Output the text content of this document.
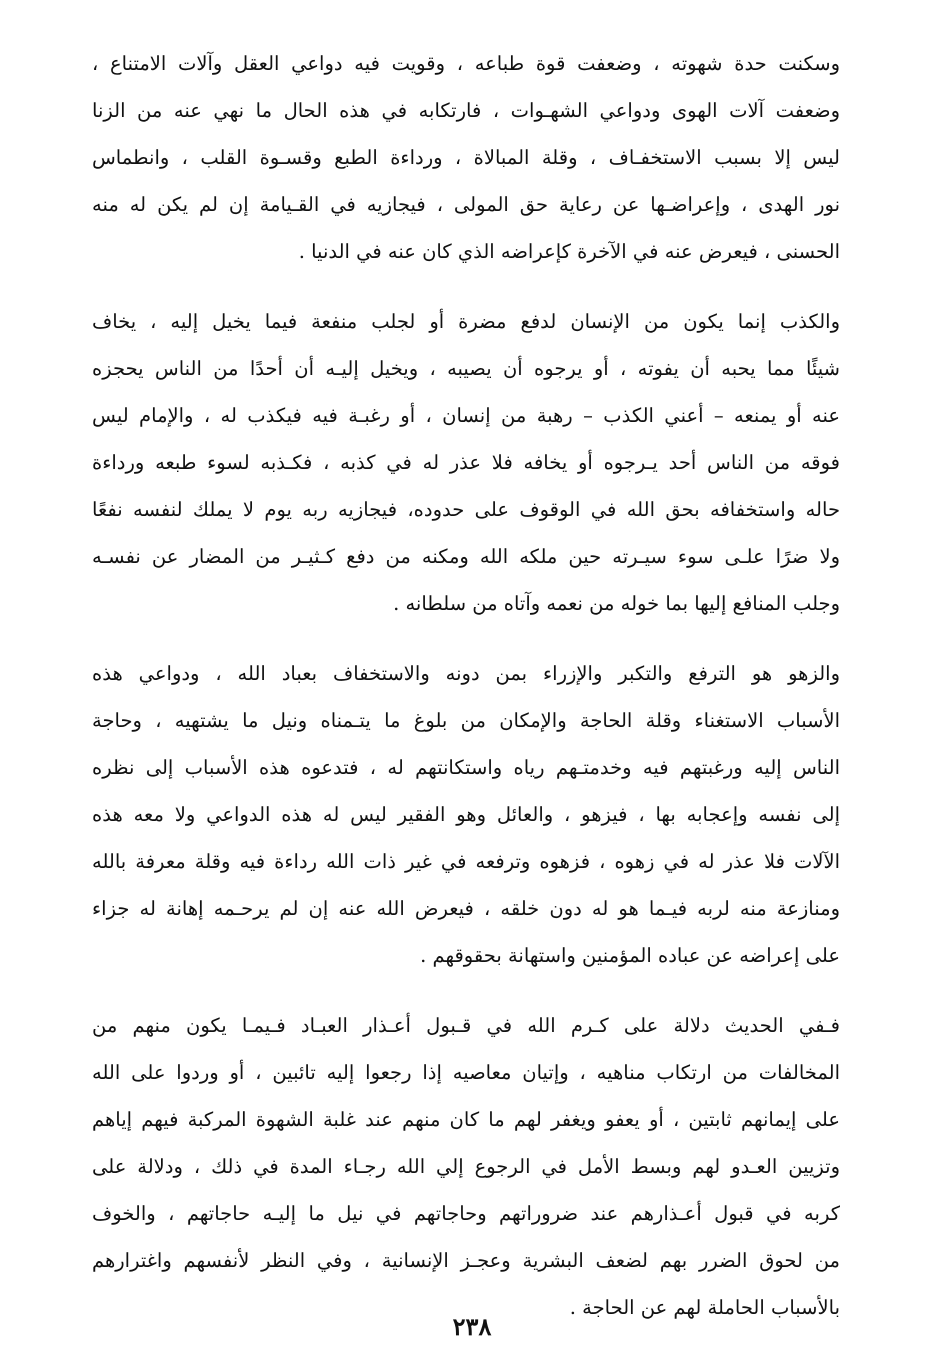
وسكنت حدة شهوته ، وضعفت قوة طباعه ، وقويت فيه دواعي العقل وآلات الامتناع ،
وضعفت آلات الهوى ودواعي الشهـوات ، فارتكابه في هذه الحال ما نهي عنه من الزنا
ليس إلا بسبب الاستخفـاف ، وقلة المبالاة ، ورداءة الطبع وقسـوة القلب ، وانطماس
نور الهدى ، وإعراضـها عن رعاية حق المولى ، فيجازيه في القـيامة إن لم يكن له منه
الحسنى ، فيعرض عنه في الآخرة كإعراضه الذي كان عنه في الدنيا .
والكذب إنما يكون من الإنسان لدفع مضرة أو لجلب منفعة فيما يخيل إليه ، يخاف
شيئًا مما يحبه أن يفوته ، أو يرجوه أن يصيبه ، ويخيل إليـه أن أحدًا من الناس يحجزه
عنه أو يمنعه – أعني الكذب – رهبة من إنسان ، أو رغبـة فيه فيكذب له ، والإمام ليس
فوقه من الناس أحد يـرجوه أو يخافه فلا عذر له في كذبه ، فكـذبه لسوء طبعه ورداءة
حاله واستخفافه بحق الله في الوقوف على حدوده، فيجازيه ربه يوم لا يملك لنفسه نفعًا
ولا ضرًا علـى سوء سيـرته حين ملكه الله ومكنه من دفع كـثيـر من المضار عن نفسـه
وجلب المنافع إليها بما خوله من نعمه وآتاه من سلطانه .
والزهو هو الترفع والتكبر والإزراء بمن دونه والاستخفاف بعباد الله ، ودواعي هذه
الأسباب الاستغناء وقلة الحاجة والإمكان من بلوغ ما يتـمناه ونيل ما يشتهيه ، وحاجة
الناس إليه ورغبتهم فيه وخدمتـهم رياه واستكانتهم له ، فتدعوه هذه الأسباب إلى نظره
إلى نفسه وإعجابه بها ، فيزهو ، والعائل وهو الفقير ليس له هذه الدواعي ولا معه هذه
الآلات فلا عذر له في زهوه ، فزهوه وترفعه في غير ذات الله رداءة فيه وقلة معرفة بالله
ومنازعة منه لربه فيـما هو له دون خلقه ، فيعرض الله عنه إن لم يرحـمه إهانة له جزاء
على إعراضه عن عباده المؤمنين واستهانة بحقوقهم .
فـفي الحديث دلالة على كـرم الله في قـبول أعـذار العبـاد فـيمـا يكون منهم من
المخالفات من ارتكاب مناهيه ، وإتيان معاصيه إذا رجعوا إليه تائبين ، أو وردوا على الله
على إيمانهم ثابتين ، أو يعفو ويغفر لهم ما كان منهم عند غلبة الشهوة المركبة فيهم إياهم
وتزيين العـدو لهم وبسط الأمل في الرجوع إلي الله رجـاء المدة في ذلك ، ودلالة على
كربه في قبول أعـذارهم عند ضروراتهم وحاجاتهم في نيل ما إليـه حاجاتهم ، والخوف
من لحوق الضرر بهم لضعف البشرية وعجـز الإنسانية ، وفي النظر لأنفسهم واغترارهم
بالأسباب الحاملة لهم عن الحاجة .
٢٣٨
